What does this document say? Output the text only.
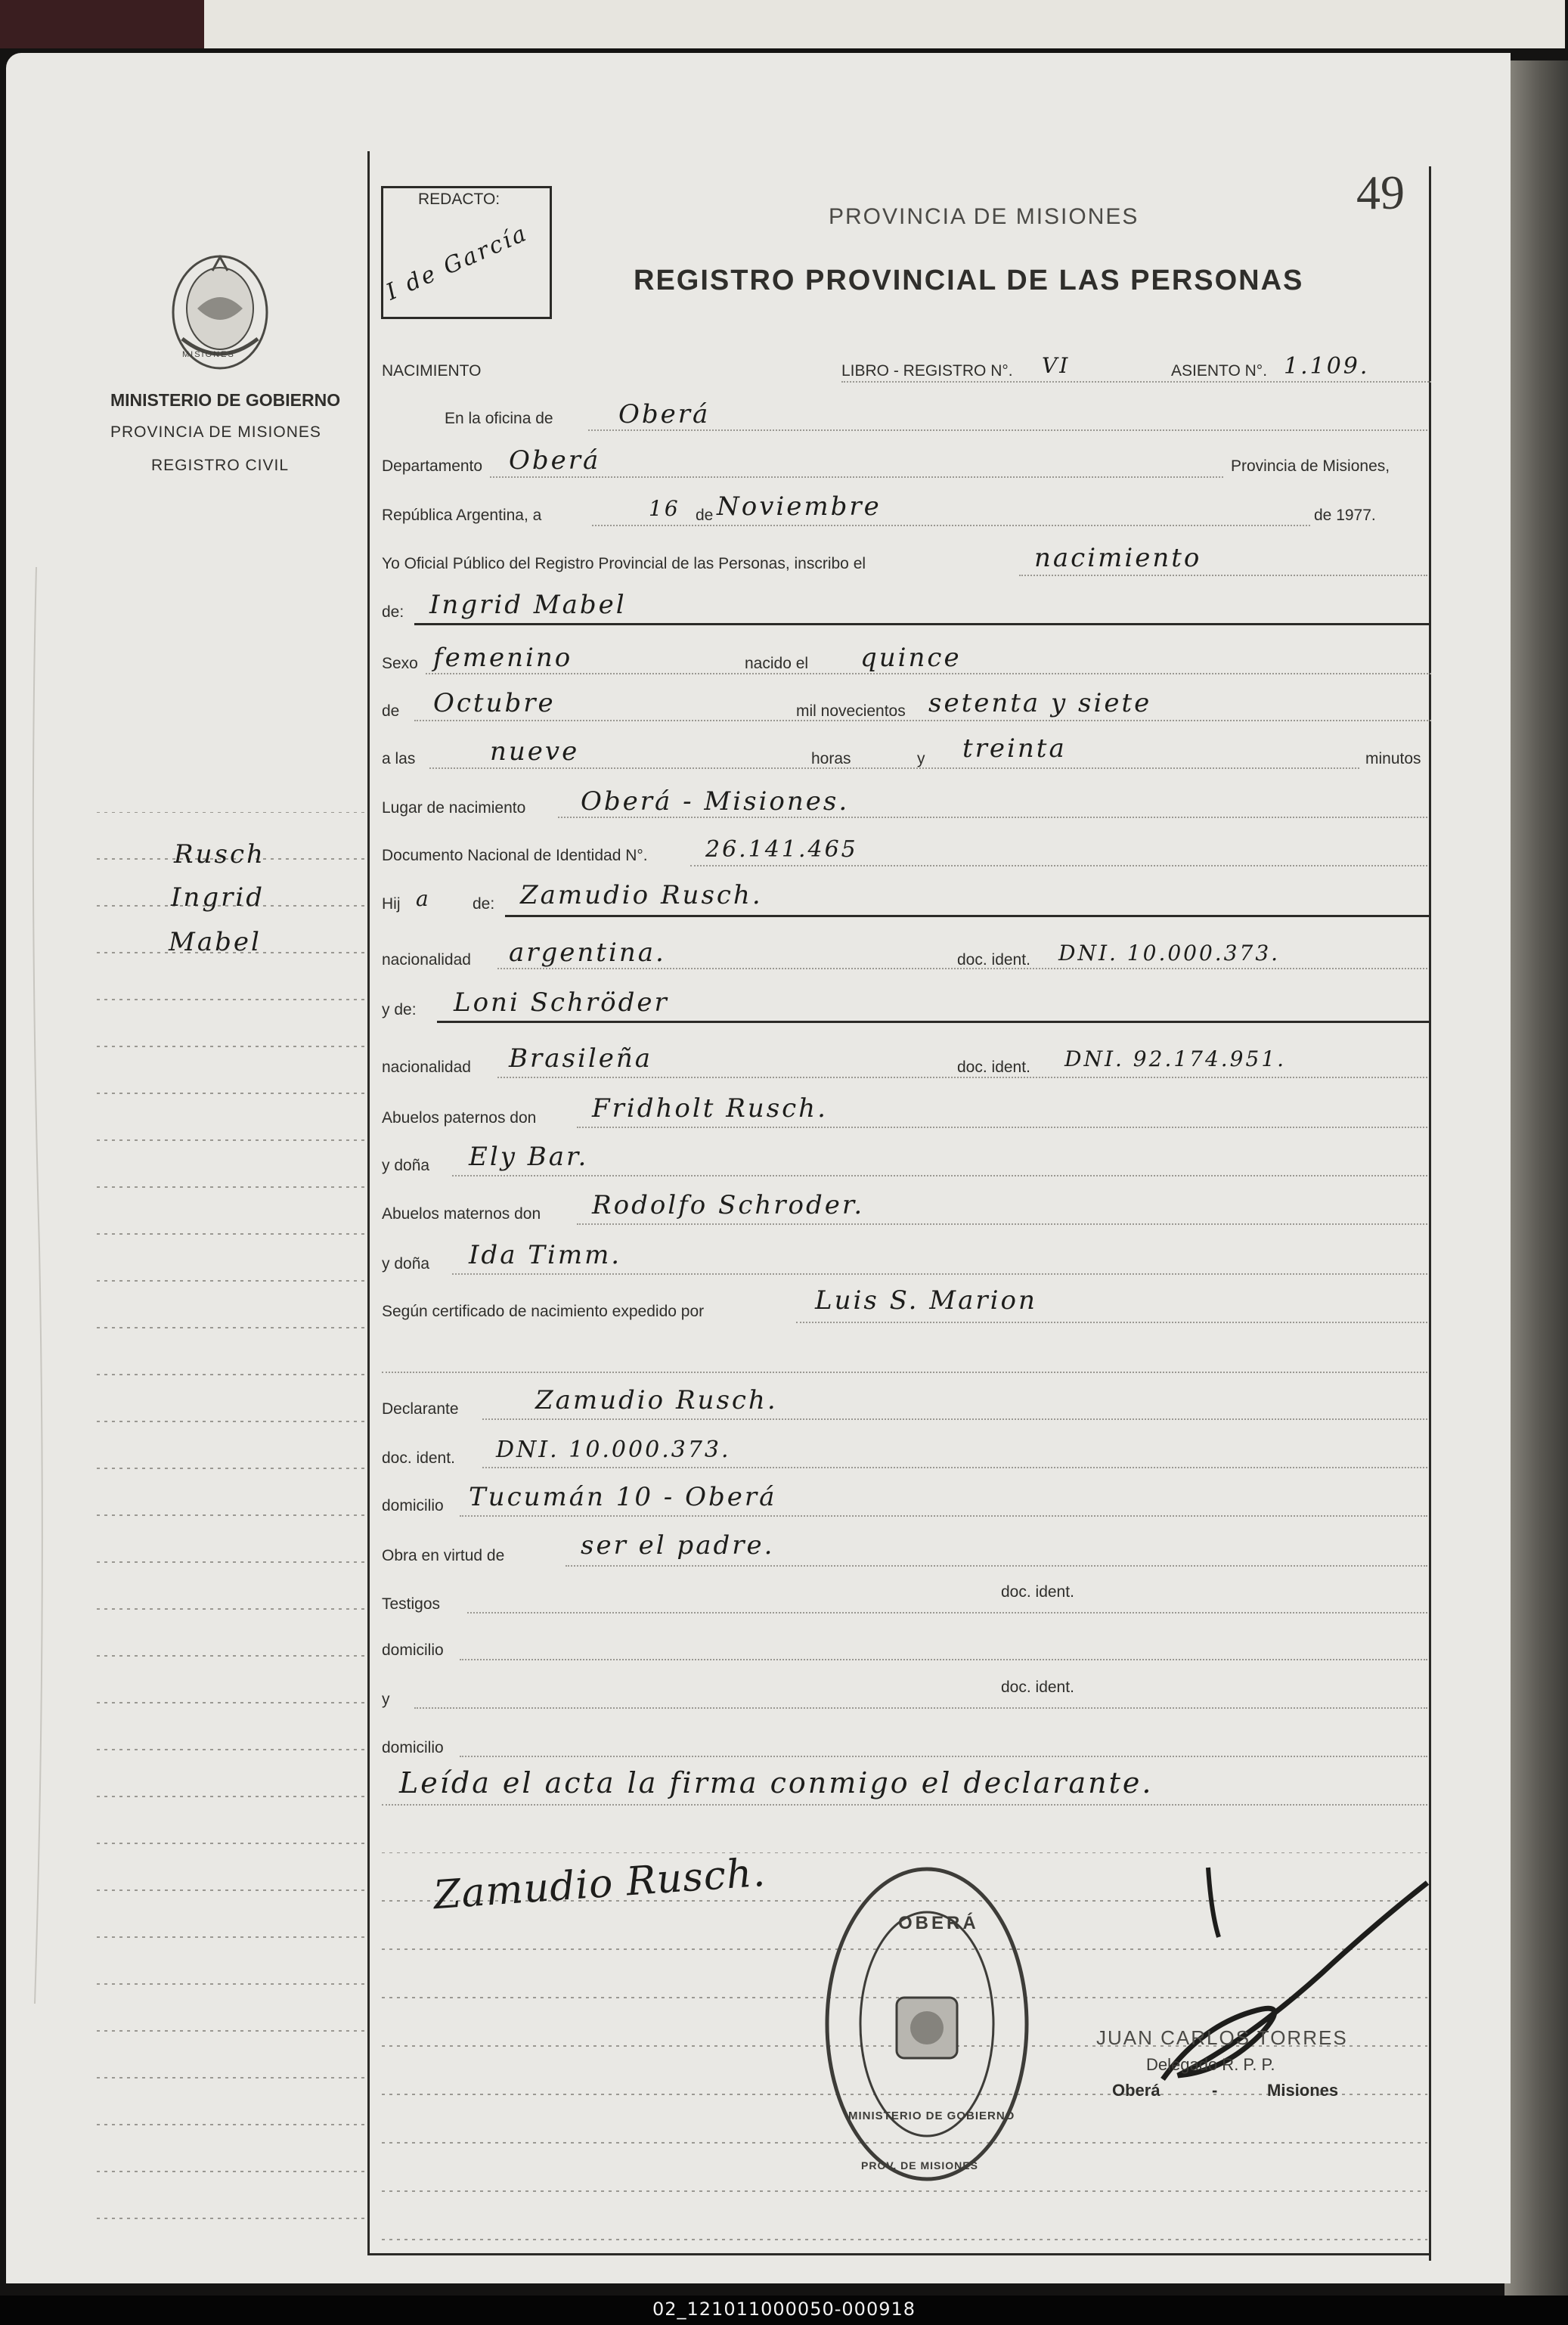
49
MISIONES
MINISTERIO DE GOBIERNO
PROVINCIA DE MISIONES
REGISTRO CIVIL
REDACTO:
I de García
PROVINCIA DE MISIONES
REGISTRO PROVINCIAL DE LAS PERSONAS
Rusch
Ingrid
Mabel
NACIMIENTO	LIBRO - REGISTRO N°. VI	ASIENTO N°. 1.109.
En la oficina de	Oberá
Departamento Oberá	Provincia de Misiones,
República Argentina, a	16 de Noviembre	de 1977.
Yo Oficial Público del Registro Provincial de las Personas, inscribo el	nacimiento
de: Ingrid Mabel
Sexo femenino	nacido el quince
de Octubre	mil novecientos setenta y siete
a las	nueve	horas	y treinta	minutos
Lugar de nacimiento Oberá - Misiones.
Documento Nacional de Identidad N°.	26.141.465
Hij a	de: Zamudio Rusch.
nacionalidad argentina.	doc. ident. DNI. 10.000.373.
y de: Loni Schröder
nacionalidad Brasileña	doc. ident. DNI. 92.174.951.
Abuelos paternos don Fridholt Rusch.
y doña Ely Bar.
Abuelos maternos don Rodolfo Schroder.
y doña Ida Timm.
Según certificado de nacimiento expedido por	Luis S. Marion
Declarante	Zamudio Rusch.
doc. ident. DNI. 10.000.373.
domicilio Tucumán 10 - Oberá
Obra en virtud de	ser el padre.
Testigos
doc. ident.
domicilio
y
doc. ident.
domicilio
Leída el acta la firma conmigo el declarante.
Zamudio Rusch.
OBERÁ
MINISTERIO DE GOBIERNO
PROV. DE MISIONES
JUAN CARLOS TORRES
Delegado R. P. P.
Oberá	-	Misiones
02_121011000050-000918
